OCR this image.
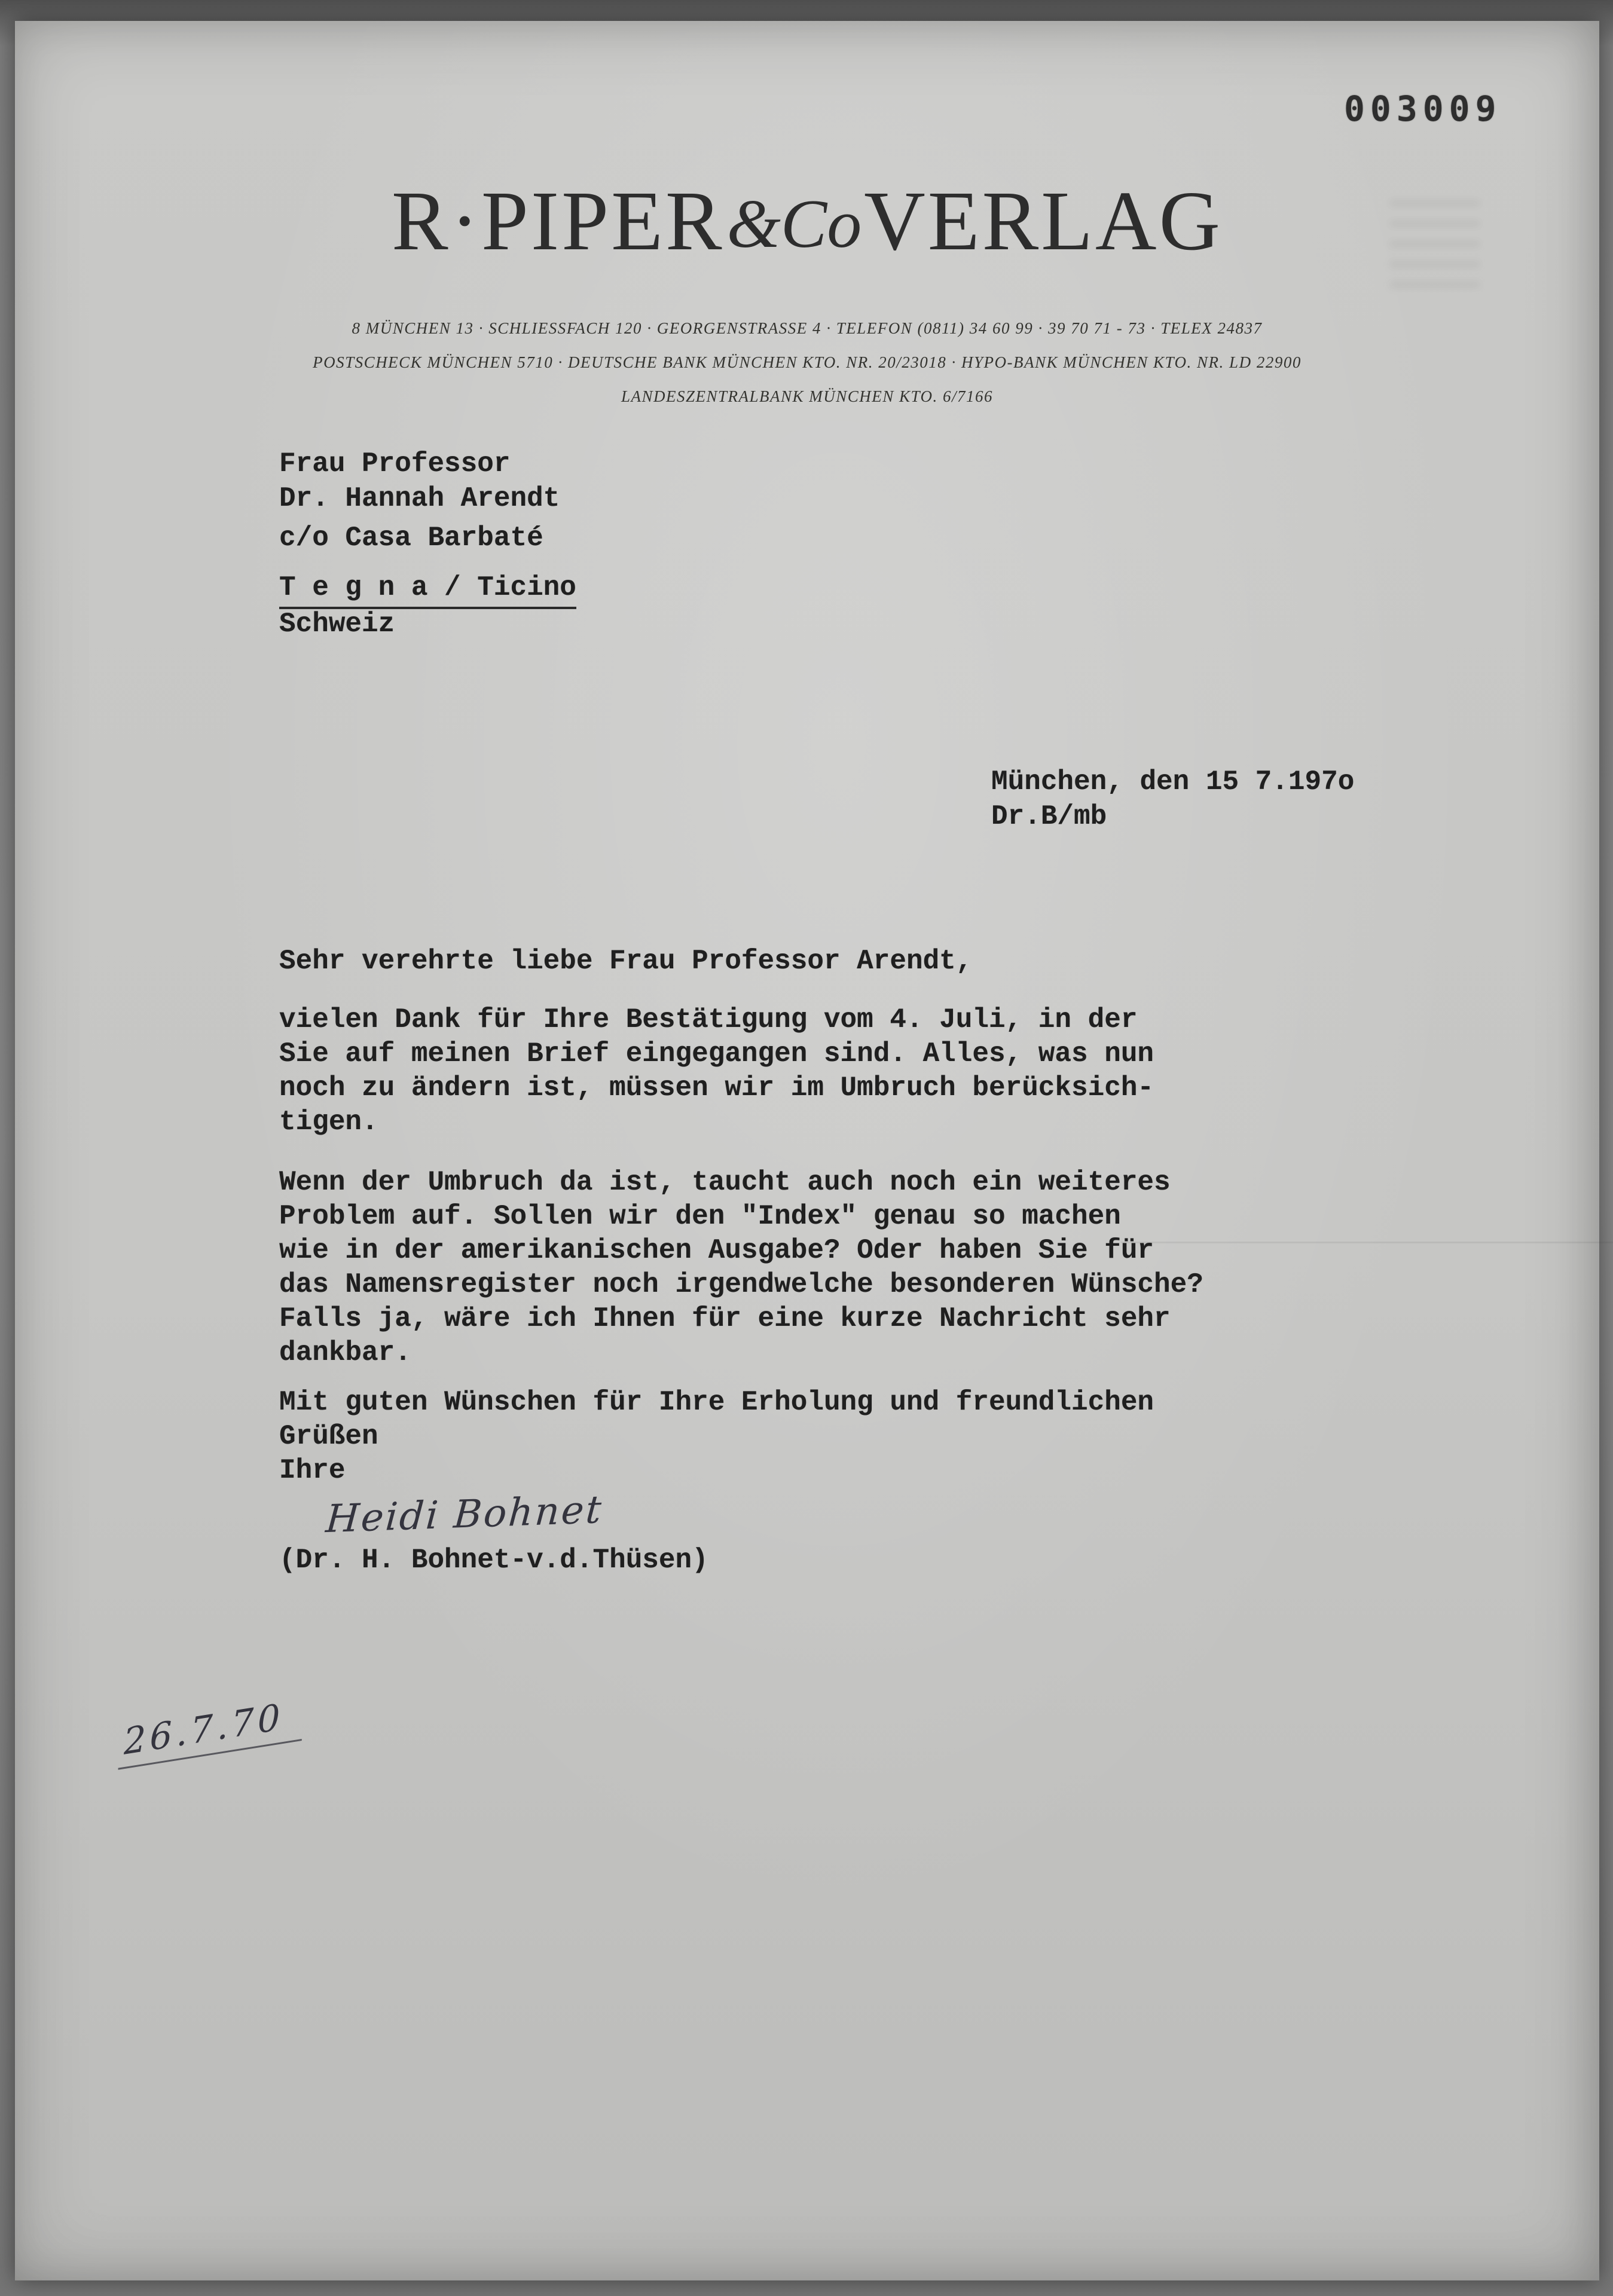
003009
R·PIPER&CoVERLAG
8 MÜNCHEN 13 · SCHLIESSFACH 120 · GEORGENSTRASSE 4 · TELEFON (0811) 34 60 99 · 39 70 71 - 73 · TELEX 24837
POSTSCHECK MÜNCHEN 5710 · DEUTSCHE BANK MÜNCHEN KTO. NR. 20/23018 · HYPO-BANK MÜNCHEN KTO. NR. LD 22900
LANDESZENTRALBANK MÜNCHEN KTO. 6/7166
Frau Professor
Dr. Hannah Arendt
c/o Casa Barbaté
T e g n a / Ticino
Schweiz
München, den 15 7.197o
Dr.B/mb
Sehr verehrte liebe Frau Professor Arendt,
vielen Dank für Ihre Bestätigung vom 4. Juli, in der
Sie auf meinen Brief eingegangen sind. Alles, was nun
noch zu ändern ist, müssen wir im Umbruch berücksich-
tigen.
Wenn der Umbruch da ist, taucht auch noch ein weiteres
Problem auf. Sollen wir den "Index" genau so machen
wie in der amerikanischen Ausgabe? Oder haben Sie für
das Namensregister noch irgendwelche besonderen Wünsche?
Falls ja, wäre ich Ihnen für eine kurze Nachricht sehr
dankbar.
Mit guten Wünschen für Ihre Erholung und freundlichen
Grüßen
Ihre
Heidi Bohnet
(Dr. H. Bohnet-v.d.Thüsen)
26.7.70
